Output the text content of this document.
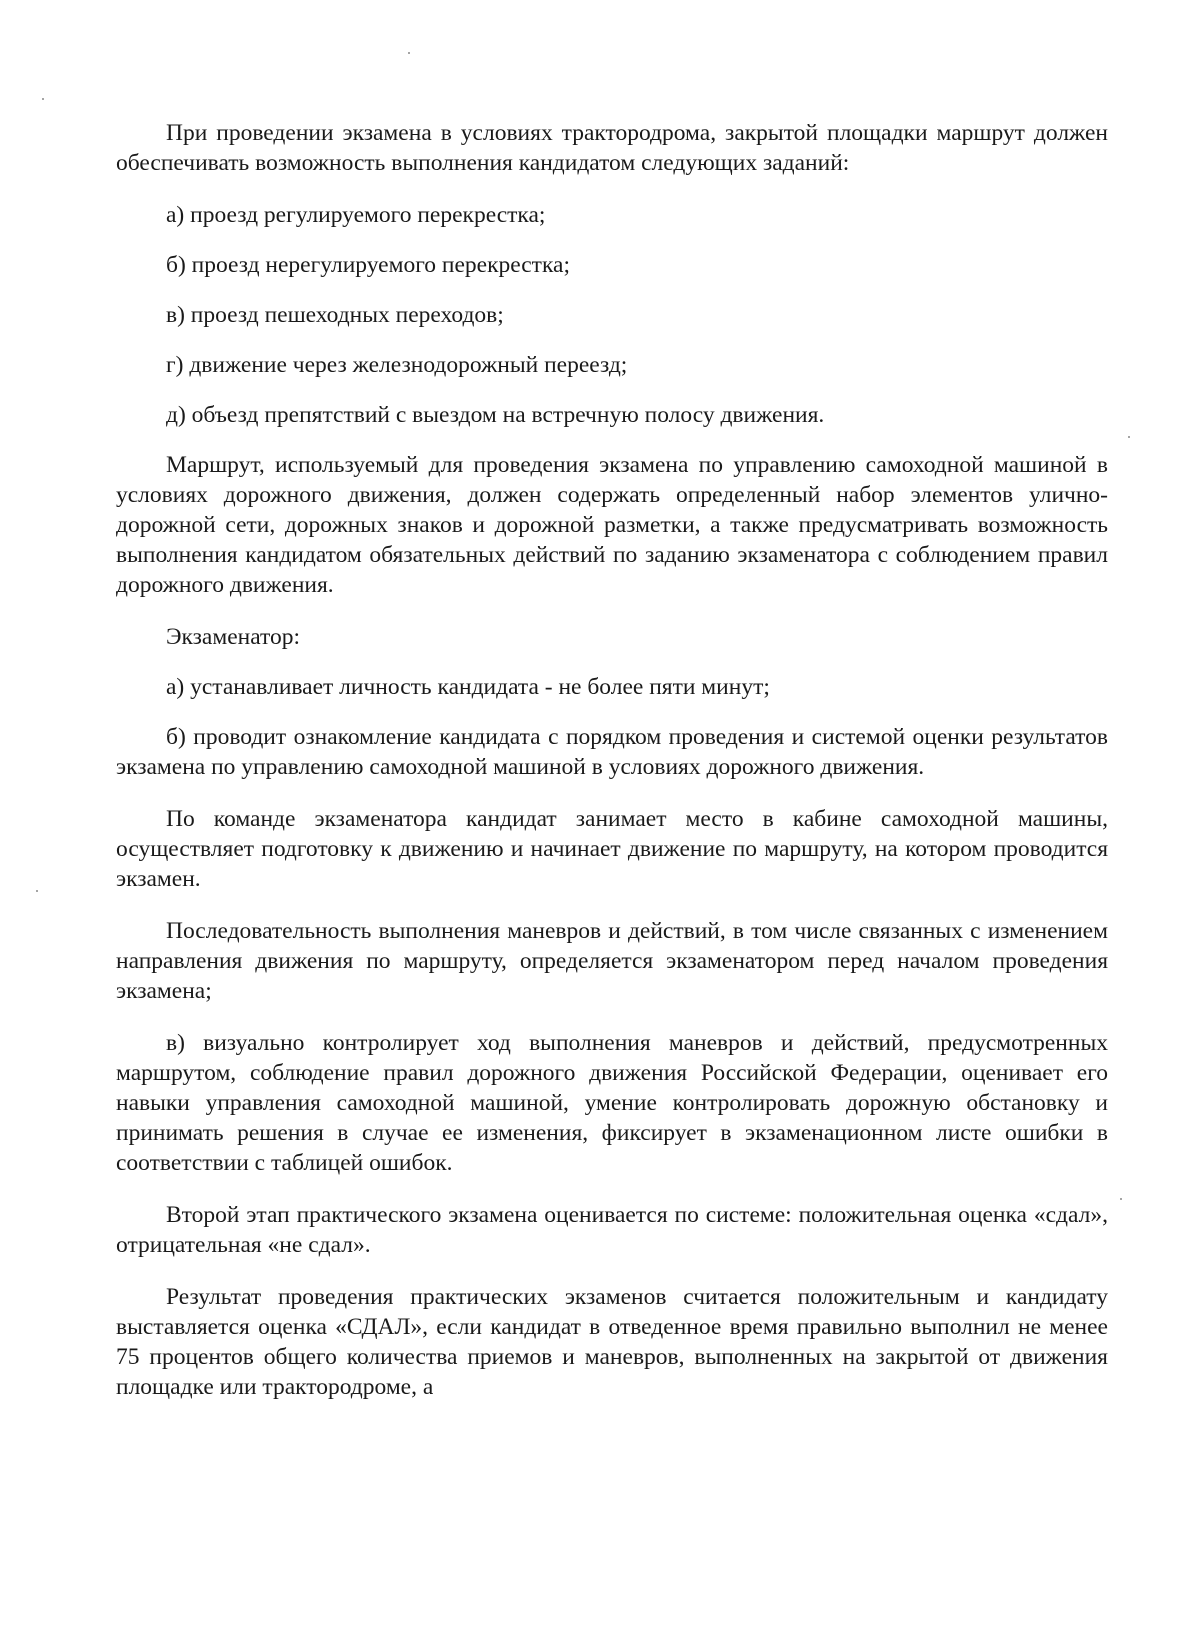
При проведении экзамена в условиях трактородрома, закрытой площадки маршрут должен обеспечивать возможность выполнения кандидатом следующих заданий:

а) проезд регулируемого перекрестка;

б) проезд нерегулируемого перекрестка;

в) проезд пешеходных переходов;

г) движение через железнодорожный переезд;

д) объезд препятствий с выездом на встречную полосу движения.

Маршрут, используемый для проведения экзамена по управлению самоходной машиной в условиях дорожного движения, должен содержать определенный набор элементов улично-дорожной сети, дорожных знаков и дорожной разметки, а также предусматривать возможность выполнения кандидатом обязательных действий по заданию экзаменатора с соблюдением правил дорожного движения.

Экзаменатор:

а) устанавливает личность кандидата - не более пяти минут;

б) проводит ознакомление кандидата с порядком проведения и системой оценки результатов экзамена по управлению самоходной машиной в условиях дорожного движения.

По команде экзаменатора кандидат занимает место в кабине самоходной машины, осуществляет подготовку к движению и начинает движение по маршруту, на котором проводится экзамен.

Последовательность выполнения маневров и действий, в том числе связанных с изменением направления движения по маршруту, определяется экзаменатором перед началом проведения экзамена;

в) визуально контролирует ход выполнения маневров и действий, предусмотренных маршрутом, соблюдение правил дорожного движения Российской Федерации, оценивает его навыки управления самоходной машиной, умение контролировать дорожную обстановку и принимать решения в случае ее изменения, фиксирует в экзаменационном листе ошибки в соответствии с таблицей ошибок.

Второй этап практического экзамена оценивается по системе: положительная оценка «сдал», отрицательная «не сдал».

Результат проведения практических экзаменов считается положительным и кандидату выставляется оценка «СДАЛ», если кандидат в отведенное время правильно выполнил не менее 75 процентов общего количества приемов и маневров, выполненных на закрытой от движения площадке или трактородроме, а
